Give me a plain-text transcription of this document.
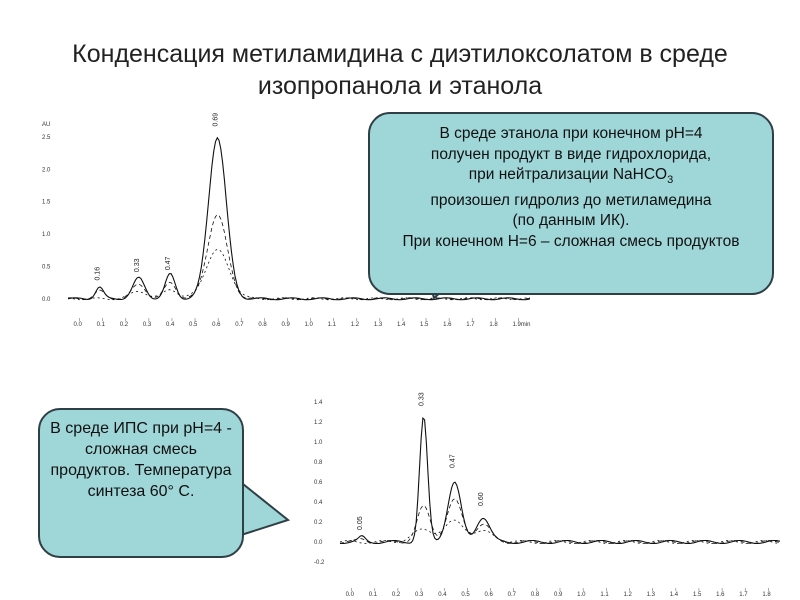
Конденсация метиламидина с диэтилоксолатом в среде изопропанола и этанола
0.0
0.5
1.0
1.5
2.0
2.5
AU
0.0 0.1 0.2 0.3 0.4 0.5 0.6 0.7 0.8 0.9 1.0 1.1 1.2 1.3 1.4 1.5 1.6 1.7 1.8 1.9min
0.16
0.33	0.47
0.69
-0.2
0.0
0.2
0.4
0.6
0.8
1.0
1.2
1.4
0.0 0.1 0.2 0.3 0.4 0.5 0.6 0.7 0.8 0.9 1.0 1.1 1.2 1.3 1.4 1.5 1.6 1.7 1.8
0.05
0.33
0.47
0.60
В среде этанола при конечном рН=4
получен продукт в виде гидрохлорида,
при нейтрализации NaHCO$_3$
произошел гидролиз до метиламедина
(по данным ИК).
При конечном Н=6 – сложная смесь продуктов
В среде ИПС при рН=4 - сложная смесь продуктов. Температура синтеза 60° С.
